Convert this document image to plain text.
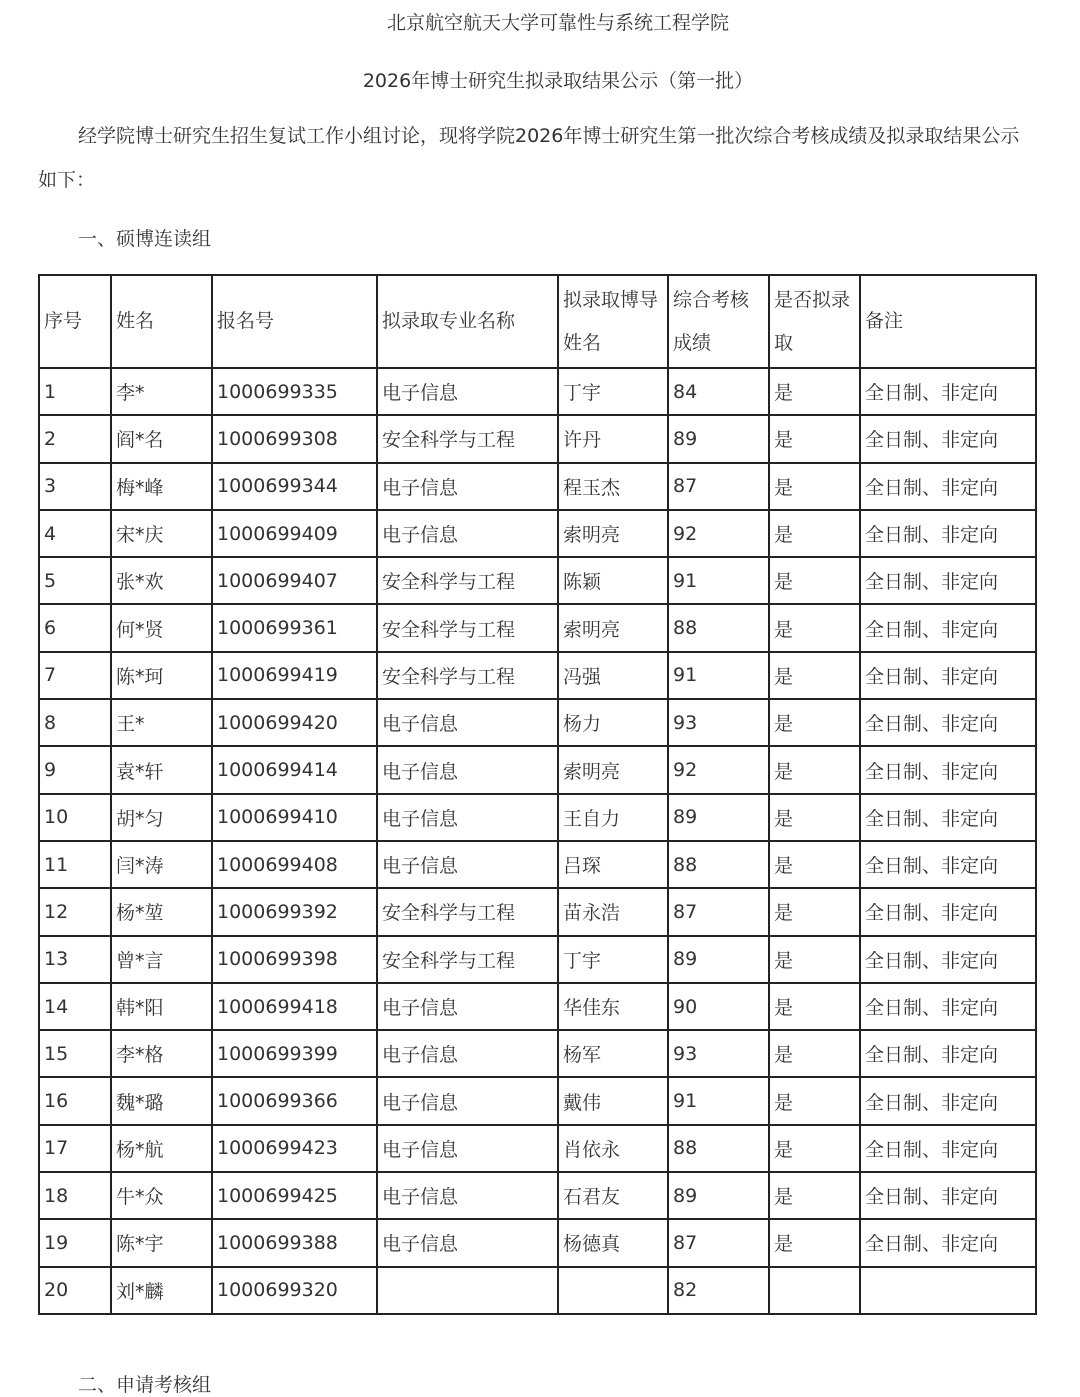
北京航空航天大学可靠性与系统工程学院
2026年博士研究生拟录取结果公示（第一批）
经学院博士研究生招生复试工作小组讨论，现将学院2026年博士研究生第一批次综合考核成绩及拟录取结果公示如下：
一、硕博连读组
序号	姓名	报名号	拟录取专业名称	拟录取博导姓名	综合考核成绩	是否拟录取	备注
1	李*	1000699335	电子信息	丁宇	84	是	全日制、非定向
2	阎*名	1000699308	安全科学与工程	许丹	89	是	全日制、非定向
3	梅*峰	1000699344	电子信息	程玉杰	87	是	全日制、非定向
4	宋*庆	1000699409	电子信息	索明亮	92	是	全日制、非定向
5	张*欢	1000699407	安全科学与工程	陈颖	91	是	全日制、非定向
6	何*贤	1000699361	安全科学与工程	索明亮	88	是	全日制、非定向
7	陈*珂	1000699419	安全科学与工程	冯强	91	是	全日制、非定向
8	王*	1000699420	电子信息	杨力	93	是	全日制、非定向
9	袁*轩	1000699414	电子信息	索明亮	92	是	全日制、非定向
10	胡*匀	1000699410	电子信息	王自力	89	是	全日制、非定向
11	闫*涛	1000699408	电子信息	吕琛	88	是	全日制、非定向
12	杨*堃	1000699392	安全科学与工程	苗永浩	87	是	全日制、非定向
13	曾*言	1000699398	安全科学与工程	丁宇	89	是	全日制、非定向
14	韩*阳	1000699418	电子信息	华佳东	90	是	全日制、非定向
15	李*格	1000699399	电子信息	杨军	93	是	全日制、非定向
16	魏*璐	1000699366	电子信息	戴伟	91	是	全日制、非定向
17	杨*航	1000699423	电子信息	肖依永	88	是	全日制、非定向
18	牛*众	1000699425	电子信息	石君友	89	是	全日制、非定向
19	陈*宇	1000699388	电子信息	杨德真	87	是	全日制、非定向
20	刘*麟	1000699320			82		
二、申请考核组
